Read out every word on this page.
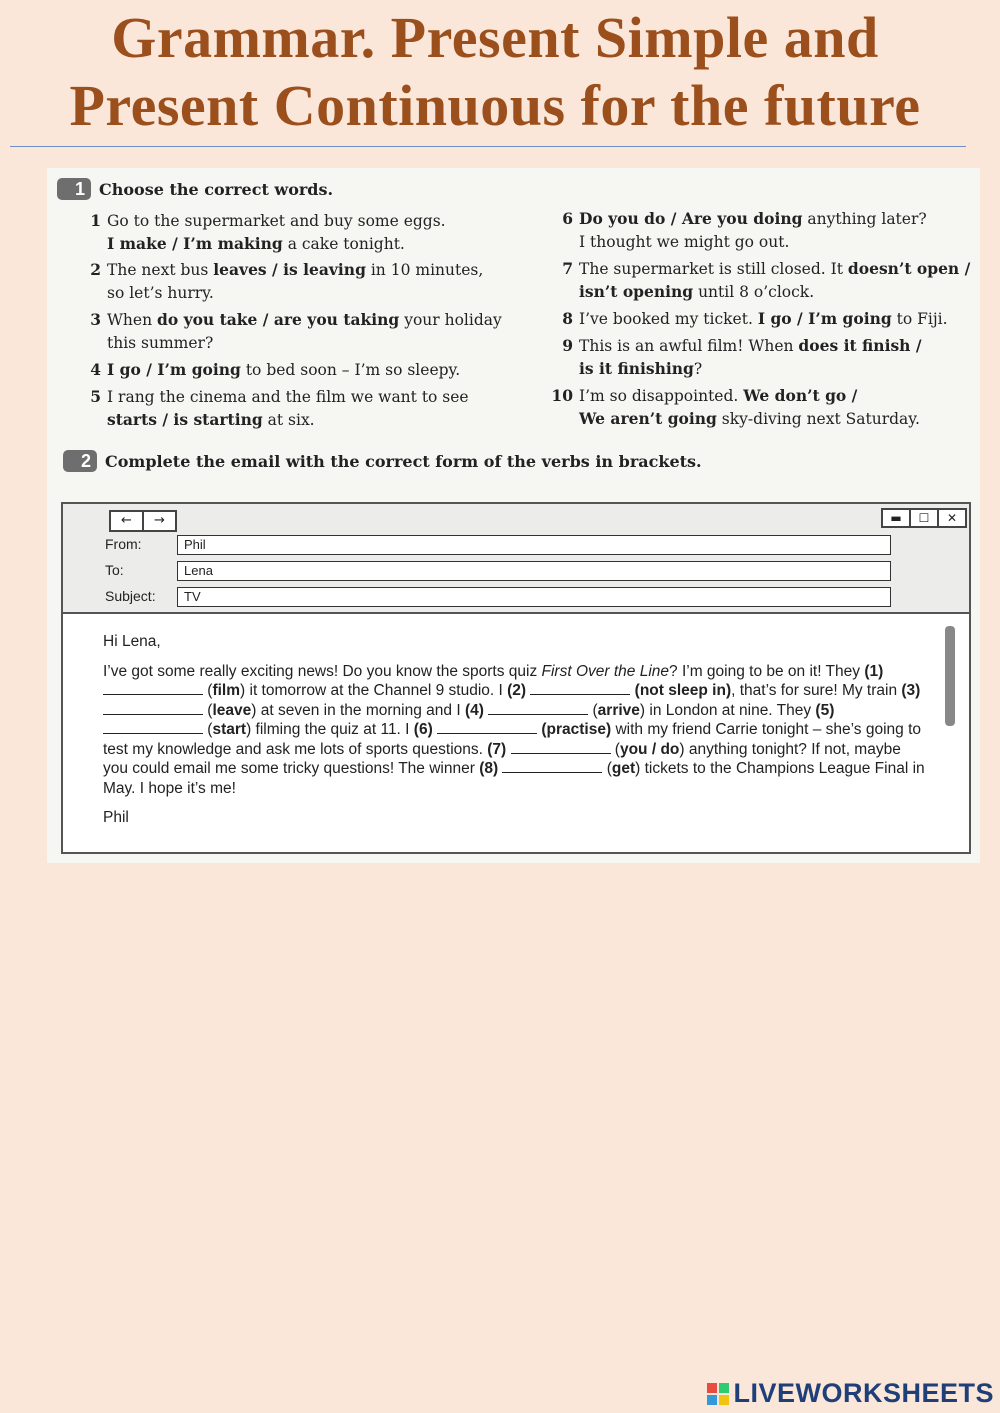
Grammar. Present Simple and
Present Continuous for the future
1 Choose the correct words.
1 Go to the supermarket and buy some eggs.
I make / I’m making a cake tonight.
2 The next bus leaves / is leaving in 10 minutes,
so let’s hurry.
3 When do you take / are you taking your holiday
this summer?
4 I go / I’m going to bed soon – I’m so sleepy.
5 I rang the cinema and the film we want to see
starts / is starting at six.
6 Do you do / Are you doing anything later?
I thought we might go out.
7 The supermarket is still closed. It doesn’t open /
isn’t opening until 8 o’clock.
8 I’ve booked my ticket. I go / I’m going to Fiji.
9 This is an awful film! When does it finish /
is it finishing?
10 I’m so disappointed. We don’t go /
We aren’t going sky-diving next Saturday.
2 Complete the email with the correct form of the verbs in brackets.
←	→	▬	☐	✕
From:	Phil
To:	Lena
Subject:	TV

Hi Lena,

I’ve got some really exciting news! Do you know the sports quiz First Over the Line? I’m going to be on it! They (1)  (film) it tomorrow at the Channel 9 studio. I (2)	(not sleep in), that’s for sure! My train (3)  (leave) at seven in the morning and I (4)	(arrive) in London at nine. They (5)  (start) filming the quiz at 11. I (6)	(practise) with my friend Carrie tonight – she’s going to test my knowledge and ask me lots of sports questions. (7)	(you / do) anything tonight? If not, maybe you could email me some tricky questions! The winner (8)	(get) tickets to the Champions League Final in May. I hope it’s me!

Phil

LIVEWORKSHEETS
